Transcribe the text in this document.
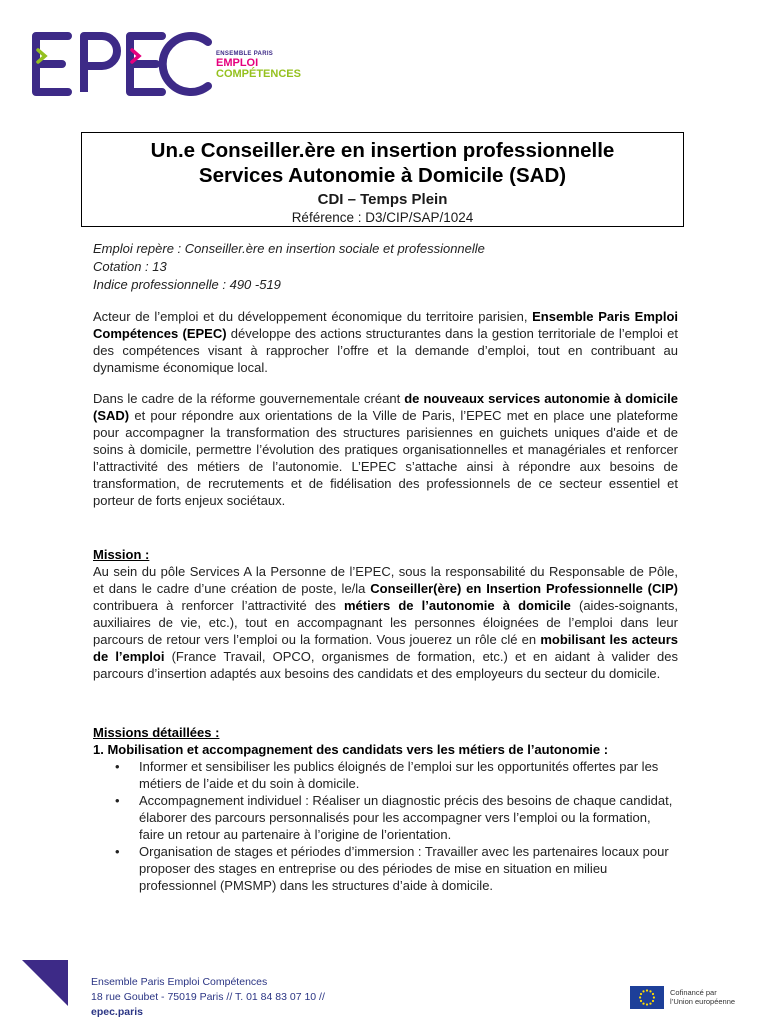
ENSEMBLE PARIS
EMPLOI
COMPÉTENCES
Un.e Conseiller.ère en insertion professionnelle
Services Autonomie à Domicile (SAD)
CDI – Temps Plein
Référence : D3/CIP/SAP/1024
Emploi repère : Conseiller.ère en insertion sociale et professionnelle
Cotation : 13
Indice professionnelle : 490 -519
Acteur de l’emploi et du développement économique du territoire parisien, Ensemble Paris Emploi Compétences (EPEC) développe des actions structurantes dans la gestion territoriale de l’emploi et des compétences visant à rapprocher l’offre et la demande d’emploi, tout en contribuant au dynamisme économique local.
Dans le cadre de la réforme gouvernementale créant de nouveaux services autonomie à domicile (SAD) et pour répondre aux orientations de la Ville de Paris, l’EPEC met en place une plateforme pour accompagner la transformation des structures parisiennes en guichets uniques d'aide et de soins à domicile, permettre l’évolution des pratiques organisationnelles et managériales et renforcer l’attractivité des métiers de l’autonomie. L’EPEC s’attache ainsi à répondre aux besoins de transformation, de recrutements et de fidélisation des professionnels de ce secteur essentiel et porteur de forts enjeux sociétaux.
Mission :
Au sein du pôle Services A la Personne de l’EPEC, sous la responsabilité du Responsable de Pôle, et dans le cadre d’une création de poste, le/la Conseiller(ère) en Insertion Professionnelle (CIP) contribuera à renforcer l’attractivité des métiers de l’autonomie à domicile (aides-soignants, auxiliaires de vie, etc.), tout en accompagnant les personnes éloignées de l’emploi dans leur parcours de retour vers l’emploi ou la formation. Vous jouerez un rôle clé en mobilisant les acteurs de l’emploi (France Travail, OPCO, organismes de formation, etc.) et en aidant à valider des parcours d’insertion adaptés aux besoins des candidats et des employeurs du secteur du domicile.
Missions détaillées :
1. Mobilisation et accompagnement des candidats vers les métiers de l’autonomie :
• Informer et sensibiliser les publics éloignés de l’emploi sur les opportunités offertes par les métiers de l’aide et du soin à domicile.
• Accompagnement individuel : Réaliser un diagnostic précis des besoins de chaque candidat, élaborer des parcours personnalisés pour les accompagner vers l’emploi ou la formation, faire un retour au partenaire à l’origine de l’orientation.
• Organisation de stages et périodes d’immersion : Travailler avec les partenaires locaux pour proposer des stages en entreprise ou des périodes de mise en situation en milieu professionnel (PMSMP) dans les structures d’aide à domicile.
Ensemble Paris Emploi Compétences
18 rue Goubet - 75019 Paris // T. 01 84 83 07 10 //
epec.paris
Cofinancé par
l’Union européenne
